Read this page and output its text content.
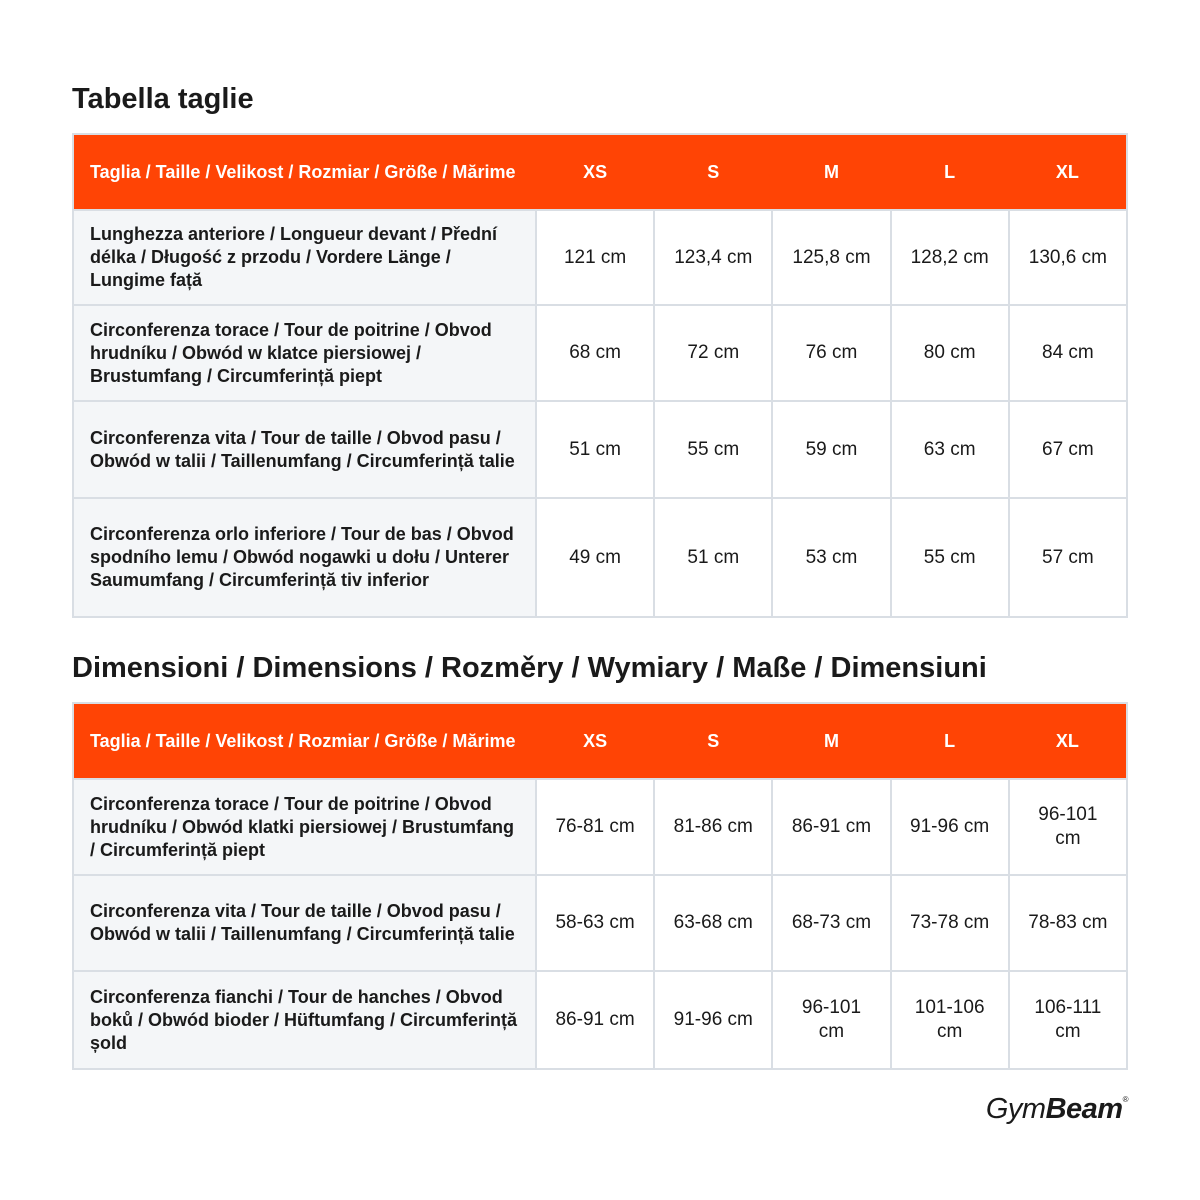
Tabella taglie
Taglia / Taille / Velikost / Rozmiar / Größe / Mărime	XS	S	M	L	XL
Lunghezza anteriore / Longueur devant / Přední délka / Długość z przodu / Vordere Länge / Lungime față	121 cm	123,4 cm	125,8 cm	128,2 cm	130,6 cm
Circonferenza torace / Tour de poitrine / Obvod hrudníku / Obwód w klatce piersiowej / Brustumfang / Circumferință piept	68 cm	72 cm	76 cm	80 cm	84 cm
Circonferenza vita / Tour de taille / Obvod pasu / Obwód w talii / Taillenumfang / Circumferință talie	51 cm	55 cm	59 cm	63 cm	67 cm
Circonferenza orlo inferiore / Tour de bas / Obvod spodního lemu / Obwód nogawki u dołu / Unterer Saumumfang / Circumferință tiv inferior	49 cm	51 cm	53 cm	55 cm	57 cm
Dimensioni / Dimensions / Rozměry / Wymiary / Maße / Dimensiuni
Taglia / Taille / Velikost / Rozmiar / Größe / Mărime	XS	S	M	L	XL
Circonferenza torace / Tour de poitrine / Obvod hrudníku / Obwód klatki piersiowej / Brustumfang / Circumferință piept	76-81 cm	81-86 cm	86-91 cm	91-96 cm	96-101 cm
Circonferenza vita / Tour de taille / Obvod pasu / Obwód w talii / Taillenumfang / Circumferință talie	58-63 cm	63-68 cm	68-73 cm	73-78 cm	78-83 cm
Circonferenza fianchi / Tour de hanches / Obvod boků / Obwód bioder / Hüftumfang / Circumferință șold	86-91 cm	91-96 cm	96-101 cm	101-106 cm	106-111 cm
GymBeam®
